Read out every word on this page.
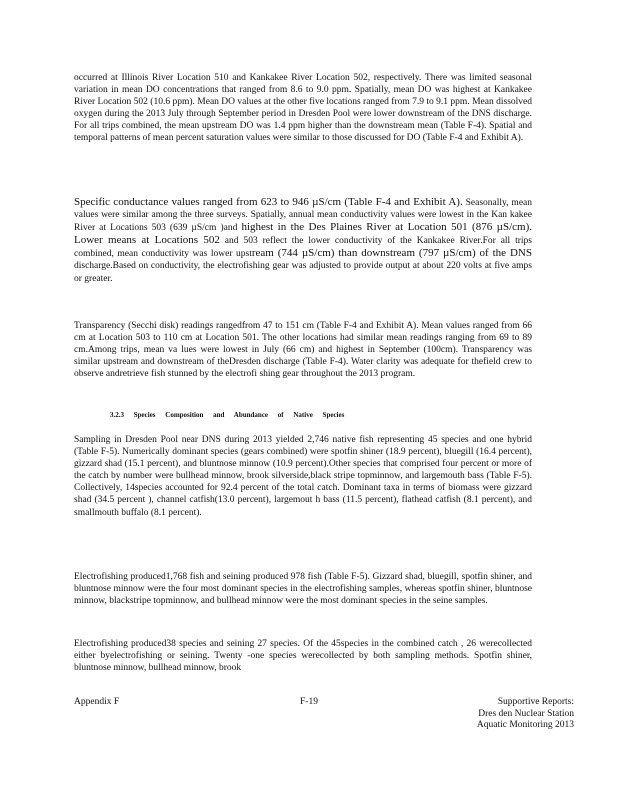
occurred at Illinois River Location 510 and Kankakee River Location 502, respectively. There was limited seasonal variation in mean DO concentrations that ranged from 8.6 to 9.0 ppm. Spatially, mean DO was highest at Kankakee River Location 502 (10.6 ppm). Mean DO values at the other five locations ranged from 7.9 to 9.1 ppm. Mean dissolved oxygen during the 2013 July through September period in Dresden Pool were lower downstream of the DNS discharge. For all trips combined, the mean upstream DO was 1.4 ppm higher than the downstream mean (Table F-4). Spatial and temporal patterns of mean percent saturation values were similar to those discussed for DO (Table F-4 and Exhibit A).

Specific conductance values ranged from 623 to 946 µS/cm (Table F-4 and Exhibit A). Seasonally, mean values were similar among the three surveys. Spatially, annual mean conductivity values were lowest in the Kan kakee River at Locations 503 (639 µS/cm )and highest in the Des Plaines River at Location 501 (876 µS/cm). Lower means at Locations 502 and 503 reflect the lower conductivity of the Kankakee River.For all trips combined, mean conductivity was lower upstream (744 µS/cm) than downstream (797 µS/cm) of the DNS discharge.Based on conductivity, the electrofishing gear was adjusted to provide output at about 220 volts at five amps or greater.

Transparency (Secchi disk) readings rangedfrom 47 to 151 cm (Table F-4 and Exhibit A). Mean values ranged from 66 cm at Location 503 to 110 cm at Location 501. The other locations had similar mean readings ranging from 69 to 89 cm.Among trips, mean va lues were lowest in July (66 cm) and highest in September (100cm). Transparency was similar upstream and downstream of theDresden discharge (Table F-4). Water clarity was adequate for thefield crew to observe andretrieve fish stunned by the electrofi shing gear throughout the 2013 program.

3.2.3 Species Composition and Abundance of Native Species

Sampling in Dresden Pool near DNS during 2013 yielded 2,746 native fish representing 45 species and one hybrid (Table F-5). Numerically dominant species (gears combined) were spotfin shiner (18.9 percent), bluegill (16.4 percent), gizzard shad (15.1 percent), and bluntnose minnow (10.9 percent).Other species that comprised four percent or more of the catch by number were bullhead minnow, brook silverside,black stripe topminnow, and largemouth bass (Table F-5). Collectively, 14species accounted for 92.4 percent of the total catch. Dominant taxa in terms of biomass were gizzard shad (34.5 percent ), channel catfish(13.0 percent), largemout h bass (11.5 percent), flathead catfish (8.1 percent), and smallmouth buffalo (8.1 percent).

Electrofishing produced1,768 fish and seining produced 978 fish (Table F-5). Gizzard shad, bluegill, spotfin shiner, and bluntnose minnow were the four most dominant species in the electrofishing samples, whereas spotfin shiner, bluntnose minnow, blackstripe topminnow, and bullhead minnow were the most dominant species in the seine samples.

Electrofishing produced38 species and seining 27 species. Of the 45species in the combined catch , 26 werecollected either byelectrofishing or seining. Twenty -one species werecollected by both sampling methods. Spotfin shiner, bluntnose minnow, bullhead minnow, brook

Appendix F	F-19	Supportive Reports:
Dres den Nuclear Station
Aquatic Monitoring 2013
